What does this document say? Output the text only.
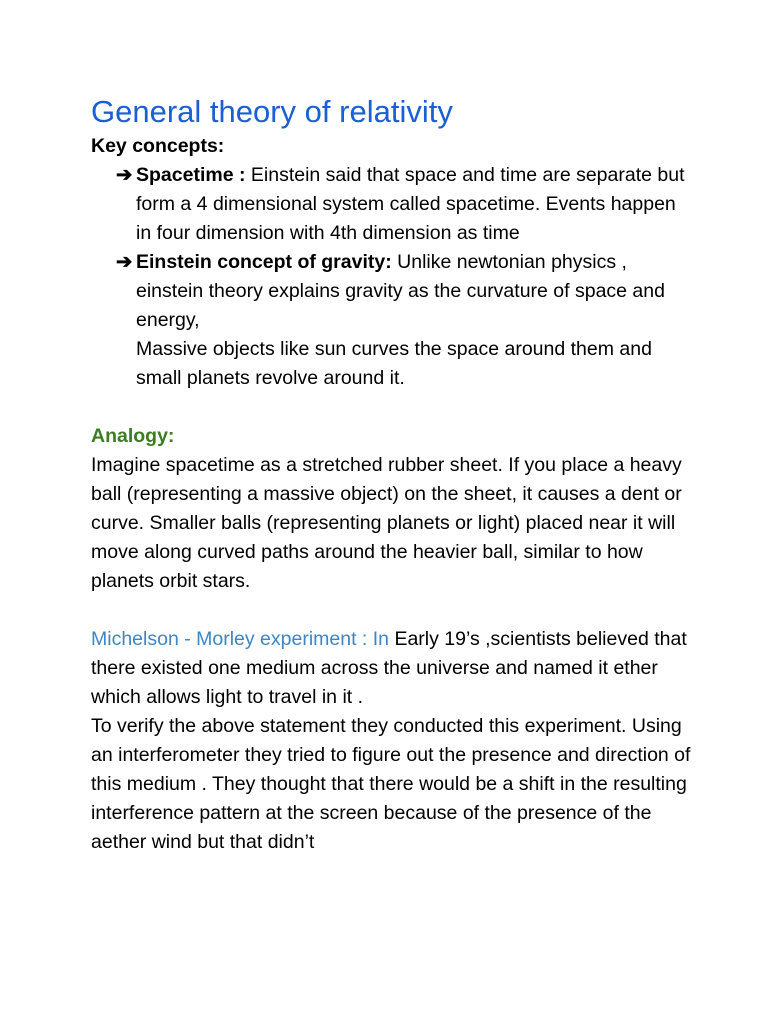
General theory of relativity
Key concepts:
➔ Spacetime : Einstein said that space and time are separate but form a 4 dimensional system called spacetime. Events happen in four dimension with 4th dimension as time
➔ Einstein concept of gravity: Unlike newtonian physics , einstein theory explains gravity as the curvature of space and energy,
Massive objects like sun curves the space around them and small planets revolve around it.
Analogy:

Imagine spacetime as a stretched rubber sheet. If you place a heavy ball (representing a massive object) on the sheet, it causes a dent or curve. Smaller balls (representing planets or light) placed near it will move along curved paths around the heavier ball, similar to how planets orbit stars.

Michelson - Morley experiment : In Early 19’s ,scientists believed that there existed one medium across the universe and named it ether which allows light to travel in it .

To verify the above statement they conducted this experiment. Using an interferometer they tried to figure out the presence and direction of this medium . They thought that there would be a shift in the resulting interference pattern at the screen because of the presence of the aether wind but that didn’t
